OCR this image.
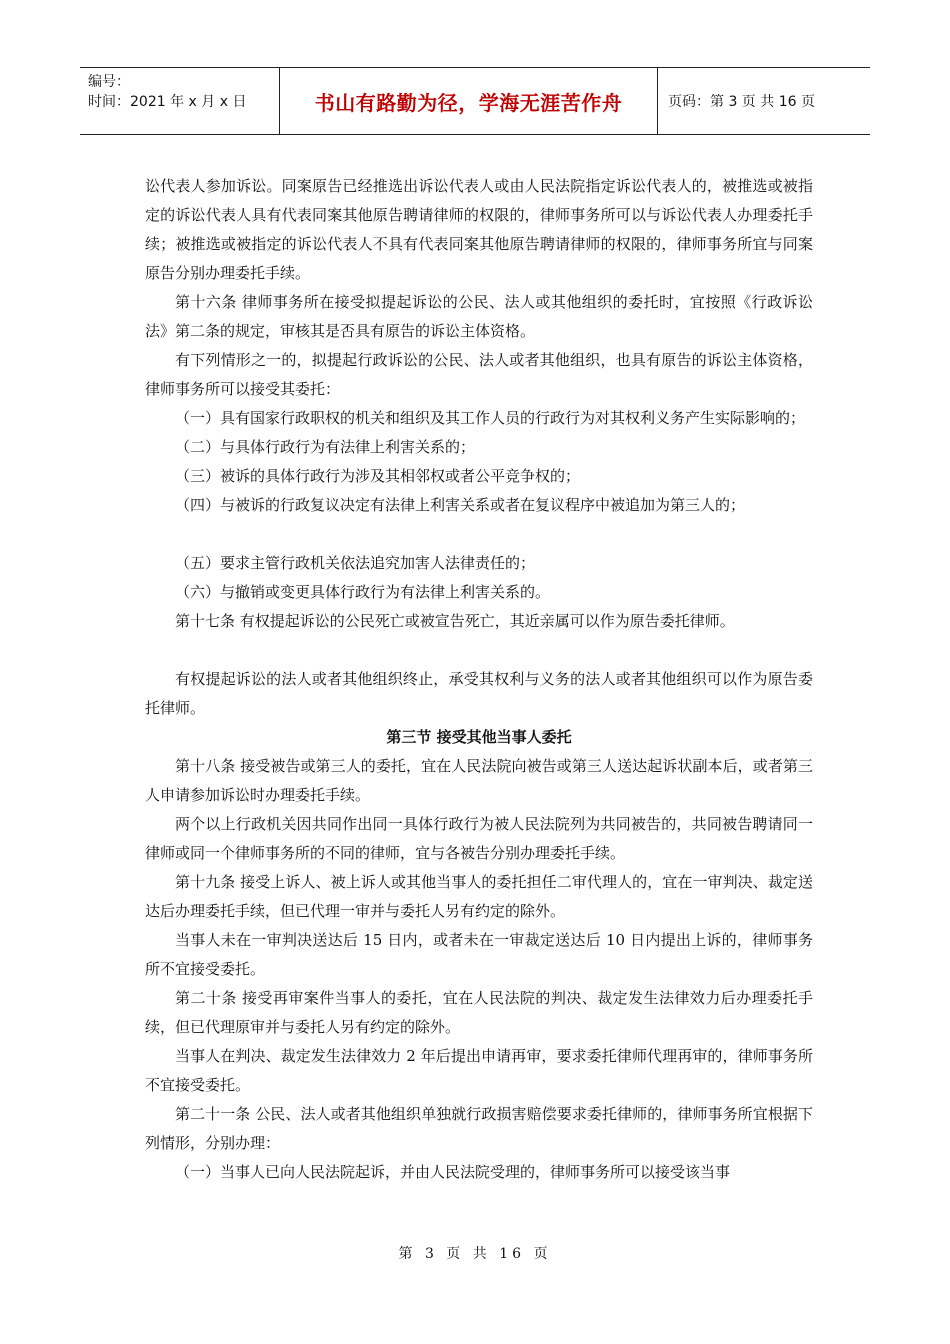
编号：
时间：2021 年 x 月 x 日	书山有路勤为径，学海无涯苦作舟	页码：第 3 页 共 16 页

讼代表人参加诉讼。同案原告已经推选出诉讼代表人或由人民法院指定诉讼代表人的，被推选或被指定的诉讼代表人具有代表同案其他原告聘请律师的权限的，律师事务所可以与诉讼代表人办理委托手续；被推选或被指定的诉讼代表人不具有代表同案其他原告聘请律师的权限的，律师事务所宜与同案原告分别办理委托手续。

第十六条 律师事务所在接受拟提起诉讼的公民、法人或其他组织的委托时，宜按照《行政诉讼法》第二条的规定，审核其是否具有原告的诉讼主体资格。

有下列情形之一的，拟提起行政诉讼的公民、法人或者其他组织，也具有原告的诉讼主体资格，律师事务所可以接受其委托：

（一）具有国家行政职权的机关和组织及其工作人员的行政行为对其权利义务产生实际影响的；

（二）与具体行政行为有法律上利害关系的；

（三）被诉的具体行政行为涉及其相邻权或者公平竞争权的；

（四）与被诉的行政复议决定有法律上利害关系或者在复议程序中被追加为第三人的；

（五）要求主管行政机关依法追究加害人法律责任的；

（六）与撤销或变更具体行政行为有法律上利害关系的。

第十七条 有权提起诉讼的公民死亡或被宣告死亡，其近亲属可以作为原告委托律师。

有权提起诉讼的法人或者其他组织终止，承受其权利与义务的法人或者其他组织可以作为原告委托律师。

第三节 接受其他当事人委托

第十八条 接受被告或第三人的委托，宜在人民法院向被告或第三人送达起诉状副本后，或者第三人申请参加诉讼时办理委托手续。

两个以上行政机关因共同作出同一具体行政行为被人民法院列为共同被告的，共同被告聘请同一律师或同一个律师事务所的不同的律师，宜与各被告分别办理委托手续。

第十九条 接受上诉人、被上诉人或其他当事人的委托担任二审代理人的，宜在一审判决、裁定送达后办理委托手续，但已代理一审并与委托人另有约定的除外。

当事人未在一审判决送达后 15 日内，或者未在一审裁定送达后 10 日内提出上诉的，律师事务所不宜接受委托。

第二十条 接受再审案件当事人的委托，宜在人民法院的判决、裁定发生法律效力后办理委托手续，但已代理原审并与委托人另有约定的除外。

当事人在判决、裁定发生法律效力 2 年后提出申请再审，要求委托律师代理再审的，律师事务所不宜接受委托。

第二十一条 公民、法人或者其他组织单独就行政损害赔偿要求委托律师的，律师事务所宜根据下列情形，分别办理：

（一）当事人已向人民法院起诉，并由人民法院受理的，律师事务所可以接受该当事

第 3 页 共 16 页
